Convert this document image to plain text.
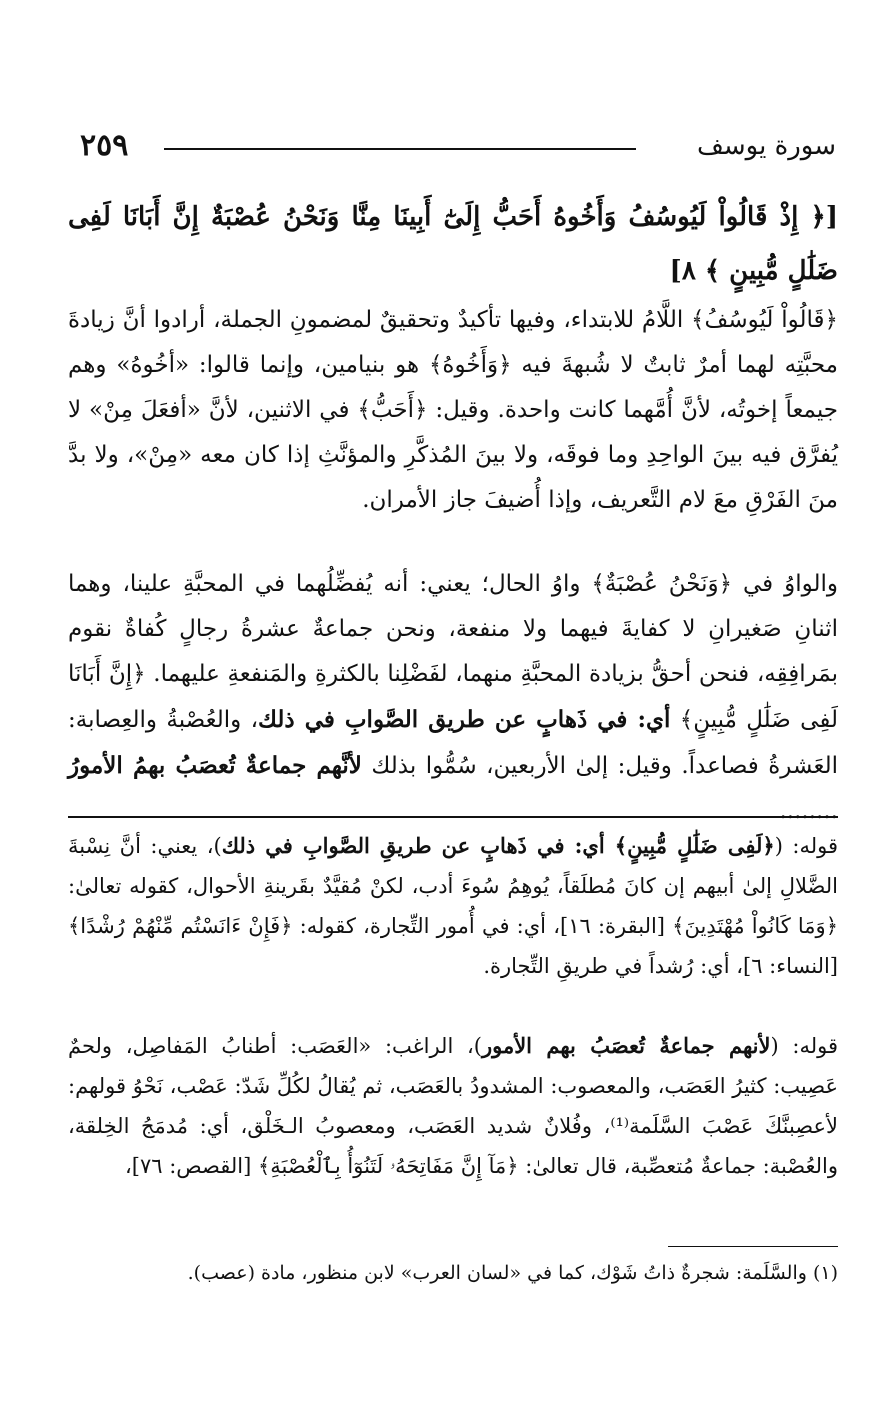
٢٥٩	سورة يوسف

[﴿ إِذْ قَالُواْ لَيُوسُفُ وَأَخُوهُ أَحَبُّ إِلَىٰٓ أَبِينَا مِنَّا وَنَحْنُ عُصْبَةٌ إِنَّ أَبَانَا لَفِى ضَلَٰلٍ مُّبِينٍ ﴾ ٨]

﴿قَالُواْ لَيُوسُفُ﴾ اللَّامُ للابتداء، وفيها تأكيدٌ وتحقيقٌ لمضمونِ الجملة، أرادوا أنَّ زيادةَ محبَّتِه لهما أمرٌ ثابتٌ لا شُبهةَ فيه ﴿وَأَخُوهُ﴾ هو بنيامين، وإنما قالوا: «أخُوهُ» وهم جيمعاً إخوتُه، لأنَّ أُمَّهما كانت واحدة. وقيل: ﴿أَحَبُّ﴾ في الاثنين، لأنَّ «أفعَلَ مِنْ» لا يُفرَّق فيه بينَ الواحِدِ وما فوقَه، ولا بينَ المُذكَّرِ والمؤنَّثِ إذا كان معه «مِنْ»، ولا بدَّ منَ الفَرْقِ معَ لام التَّعريف، وإذا أُضيفَ جاز الأمران.

والواوُ في ﴿وَنَحْنُ عُصْبَةٌ﴾ واوُ الحال؛ يعني: أنه يُفضِّلُهما في المحبَّةِ علينا، وهما اثنانِ صَغيرانِ لا كفايةَ فيهما ولا منفعة، ونحن جماعةٌ عشرةُ رجالٍ كُفاةٌ نقوم بمَرافِقِه، فنحن أحقُّ بزيادة المحبَّةِ منهما، لفَضْلِنا بالكثرةِ والمَنفعةِ عليهما. ﴿إِنَّ أَبَانَا لَفِى ضَلَٰلٍ مُّبِينٍ﴾ أي: في ذَهابٍ عن طريق الصَّوابِ في ذلك، والعُصْبةُ والعِصابة: العَشرةُ فصاعداً. وقيل: إلىٰ الأربعين، سُمُّوا بذلك لأنَّهم جماعةٌ تُعصَبُ بهمُ الأمورُ ........

قوله: (﴿لَفِى ضَلَٰلٍ مُّبِينٍ﴾ أي: في ذَهابٍ عن طريقِ الصَّوابِ في ذلك)، يعني: أنَّ نِسْبةَ الضَّلالِ إلىٰ أبيهم إن كانَ مُطلَقاً، يُوهِمُ سُوءَ أدب، لكنْ مُقيَّدٌ بقَرينةِ الأحوال، كقوله تعالىٰ: ﴿وَمَا كَانُواْ مُهْتَدِينَ﴾ [البقرة: ١٦]، أي: في أُمور التِّجارة، كقوله: ﴿فَإِنْ ءَانَسْتُم مِّنْهُمْ رُشْدًا﴾ [النساء: ٦]، أي: رُشداً في طريقِ التِّجارة.

قوله: (لأنهم جماعةٌ تُعصَبُ بهم الأمور)، الراغب: «العَصَب: أطنابُ المَفاصِل، ولحمٌ عَصِيب: كثيرُ العَصَب، والمعصوب: المشدودُ بالعَصَب، ثم يُقالُ لكُلِّ شَدّ: عَصْب، نَحْوُ قولهم: لأعصِبنَّكَ عَصْبَ السَّلَمة⁽¹⁾، وفُلانٌ شديد العَصَب، ومعصوبُ الـخَلْق، أي: مُدمَجُ الخِلقة، والعُصْبة: جماعةٌ مُتعصِّبة، قال تعالىٰ: ﴿مَآ إِنَّ مَفَاتِحَهُۥ لَتَنُوٓأُ بِٱلْعُصْبَةِ﴾ [القصص: ٧٦]،

(١) والسَّلَمة: شجرةٌ ذاتُ شَوْك، كما في «لسان العرب» لابن منظور، مادة (عصب).
